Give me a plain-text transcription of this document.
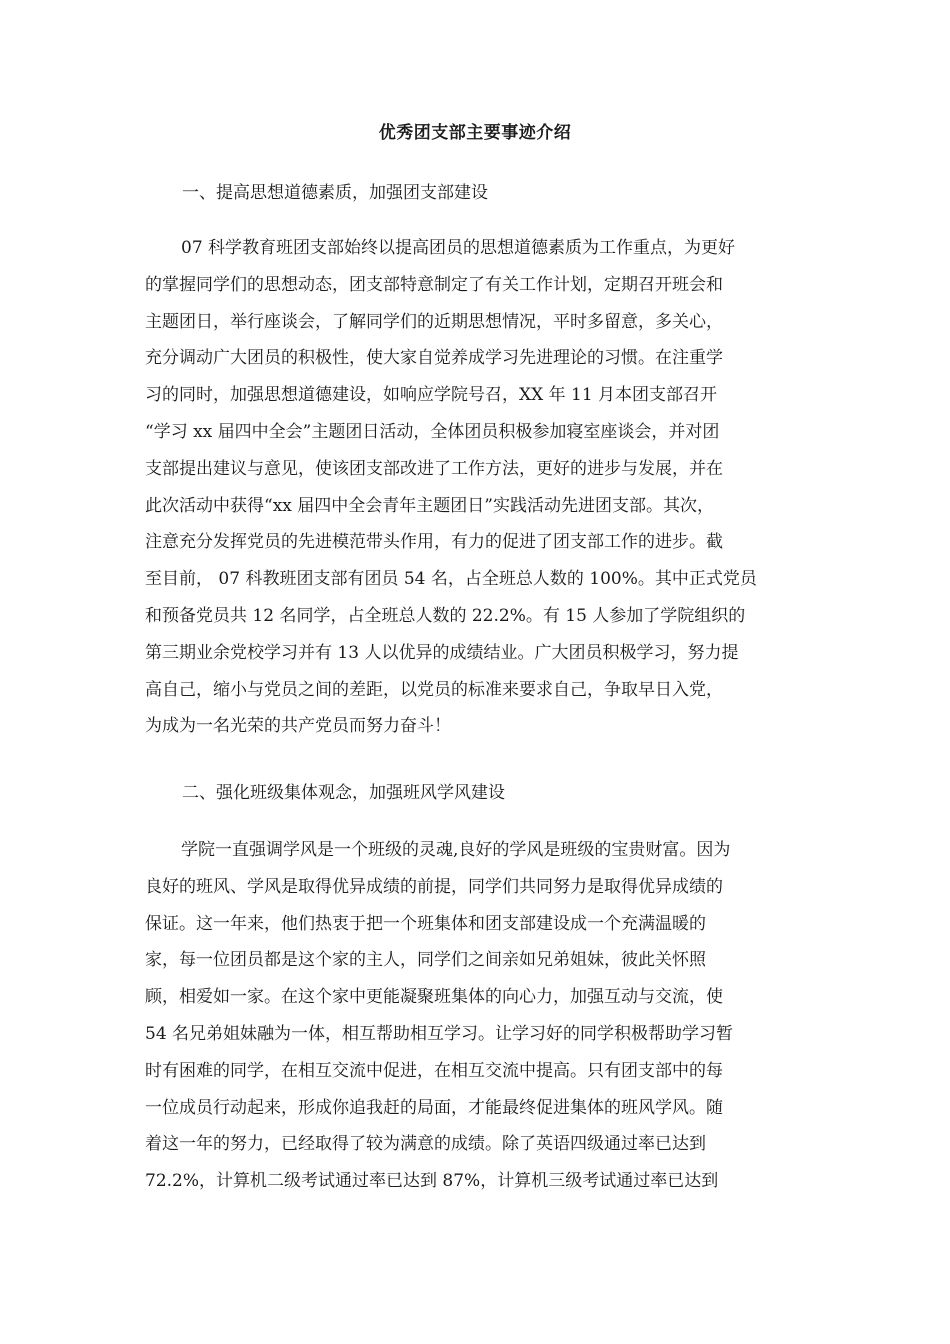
优秀团支部主要事迹介绍
一、提高思想道德素质，加强团支部建设
07 科学教育班团支部始终以提高团员的思想道德素质为工作重点，为更好
的掌握同学们的思想动态，团支部特意制定了有关工作计划，定期召开班会和
主题团日，举行座谈会，了解同学们的近期思想情况，平时多留意，多关心，
充分调动广大团员的积极性，使大家自觉养成学习先进理论的习惯。在注重学
习的同时，加强思想道德建设，如响应学院号召，XX 年 11 月本团支部召开
“学习 xx 届四中全会”主题团日活动，全体团员积极参加寝室座谈会，并对团
支部提出建议与意见，使该团支部改进了工作方法，更好的进步与发展，并在
此次活动中获得“xx 届四中全会青年主题团日”实践活动先进团支部。其次，
注意充分发挥党员的先进模范带头作用，有力的促进了团支部工作的进步。截
至目前， 07 科教班团支部有团员 54 名，占全班总人数的 100%。其中正式党员
和预备党员共 12 名同学，占全班总人数的 22.2%。有 15 人参加了学院组织的
第三期业余党校学习并有 13 人以优异的成绩结业。广大团员积极学习，努力提
高自己，缩小与党员之间的差距，以党员的标准来要求自己，争取早日入党，
为成为一名光荣的共产党员而努力奋斗！
二、强化班级集体观念，加强班风学风建设
学院一直强调学风是一个班级的灵魂,良好的学风是班级的宝贵财富。因为
良好的班风、学风是取得优异成绩的前提，同学们共同努力是取得优异成绩的
保证。这一年来，他们热衷于把一个班集体和团支部建设成一个充满温暖的
家，每一位团员都是这个家的主人，同学们之间亲如兄弟姐妹，彼此关怀照
顾，相爱如一家。在这个家中更能凝聚班集体的向心力，加强互动与交流，使
54 名兄弟姐妹融为一体，相互帮助相互学习。让学习好的同学积极帮助学习暂
时有困难的同学，在相互交流中促进，在相互交流中提高。只有团支部中的每
一位成员行动起来，形成你追我赶的局面，才能最终促进集体的班风学风。随
着这一年的努力，已经取得了较为满意的成绩。除了英语四级通过率已达到
72.2%，计算机二级考试通过率已达到 87%，计算机三级考试通过率已达到
